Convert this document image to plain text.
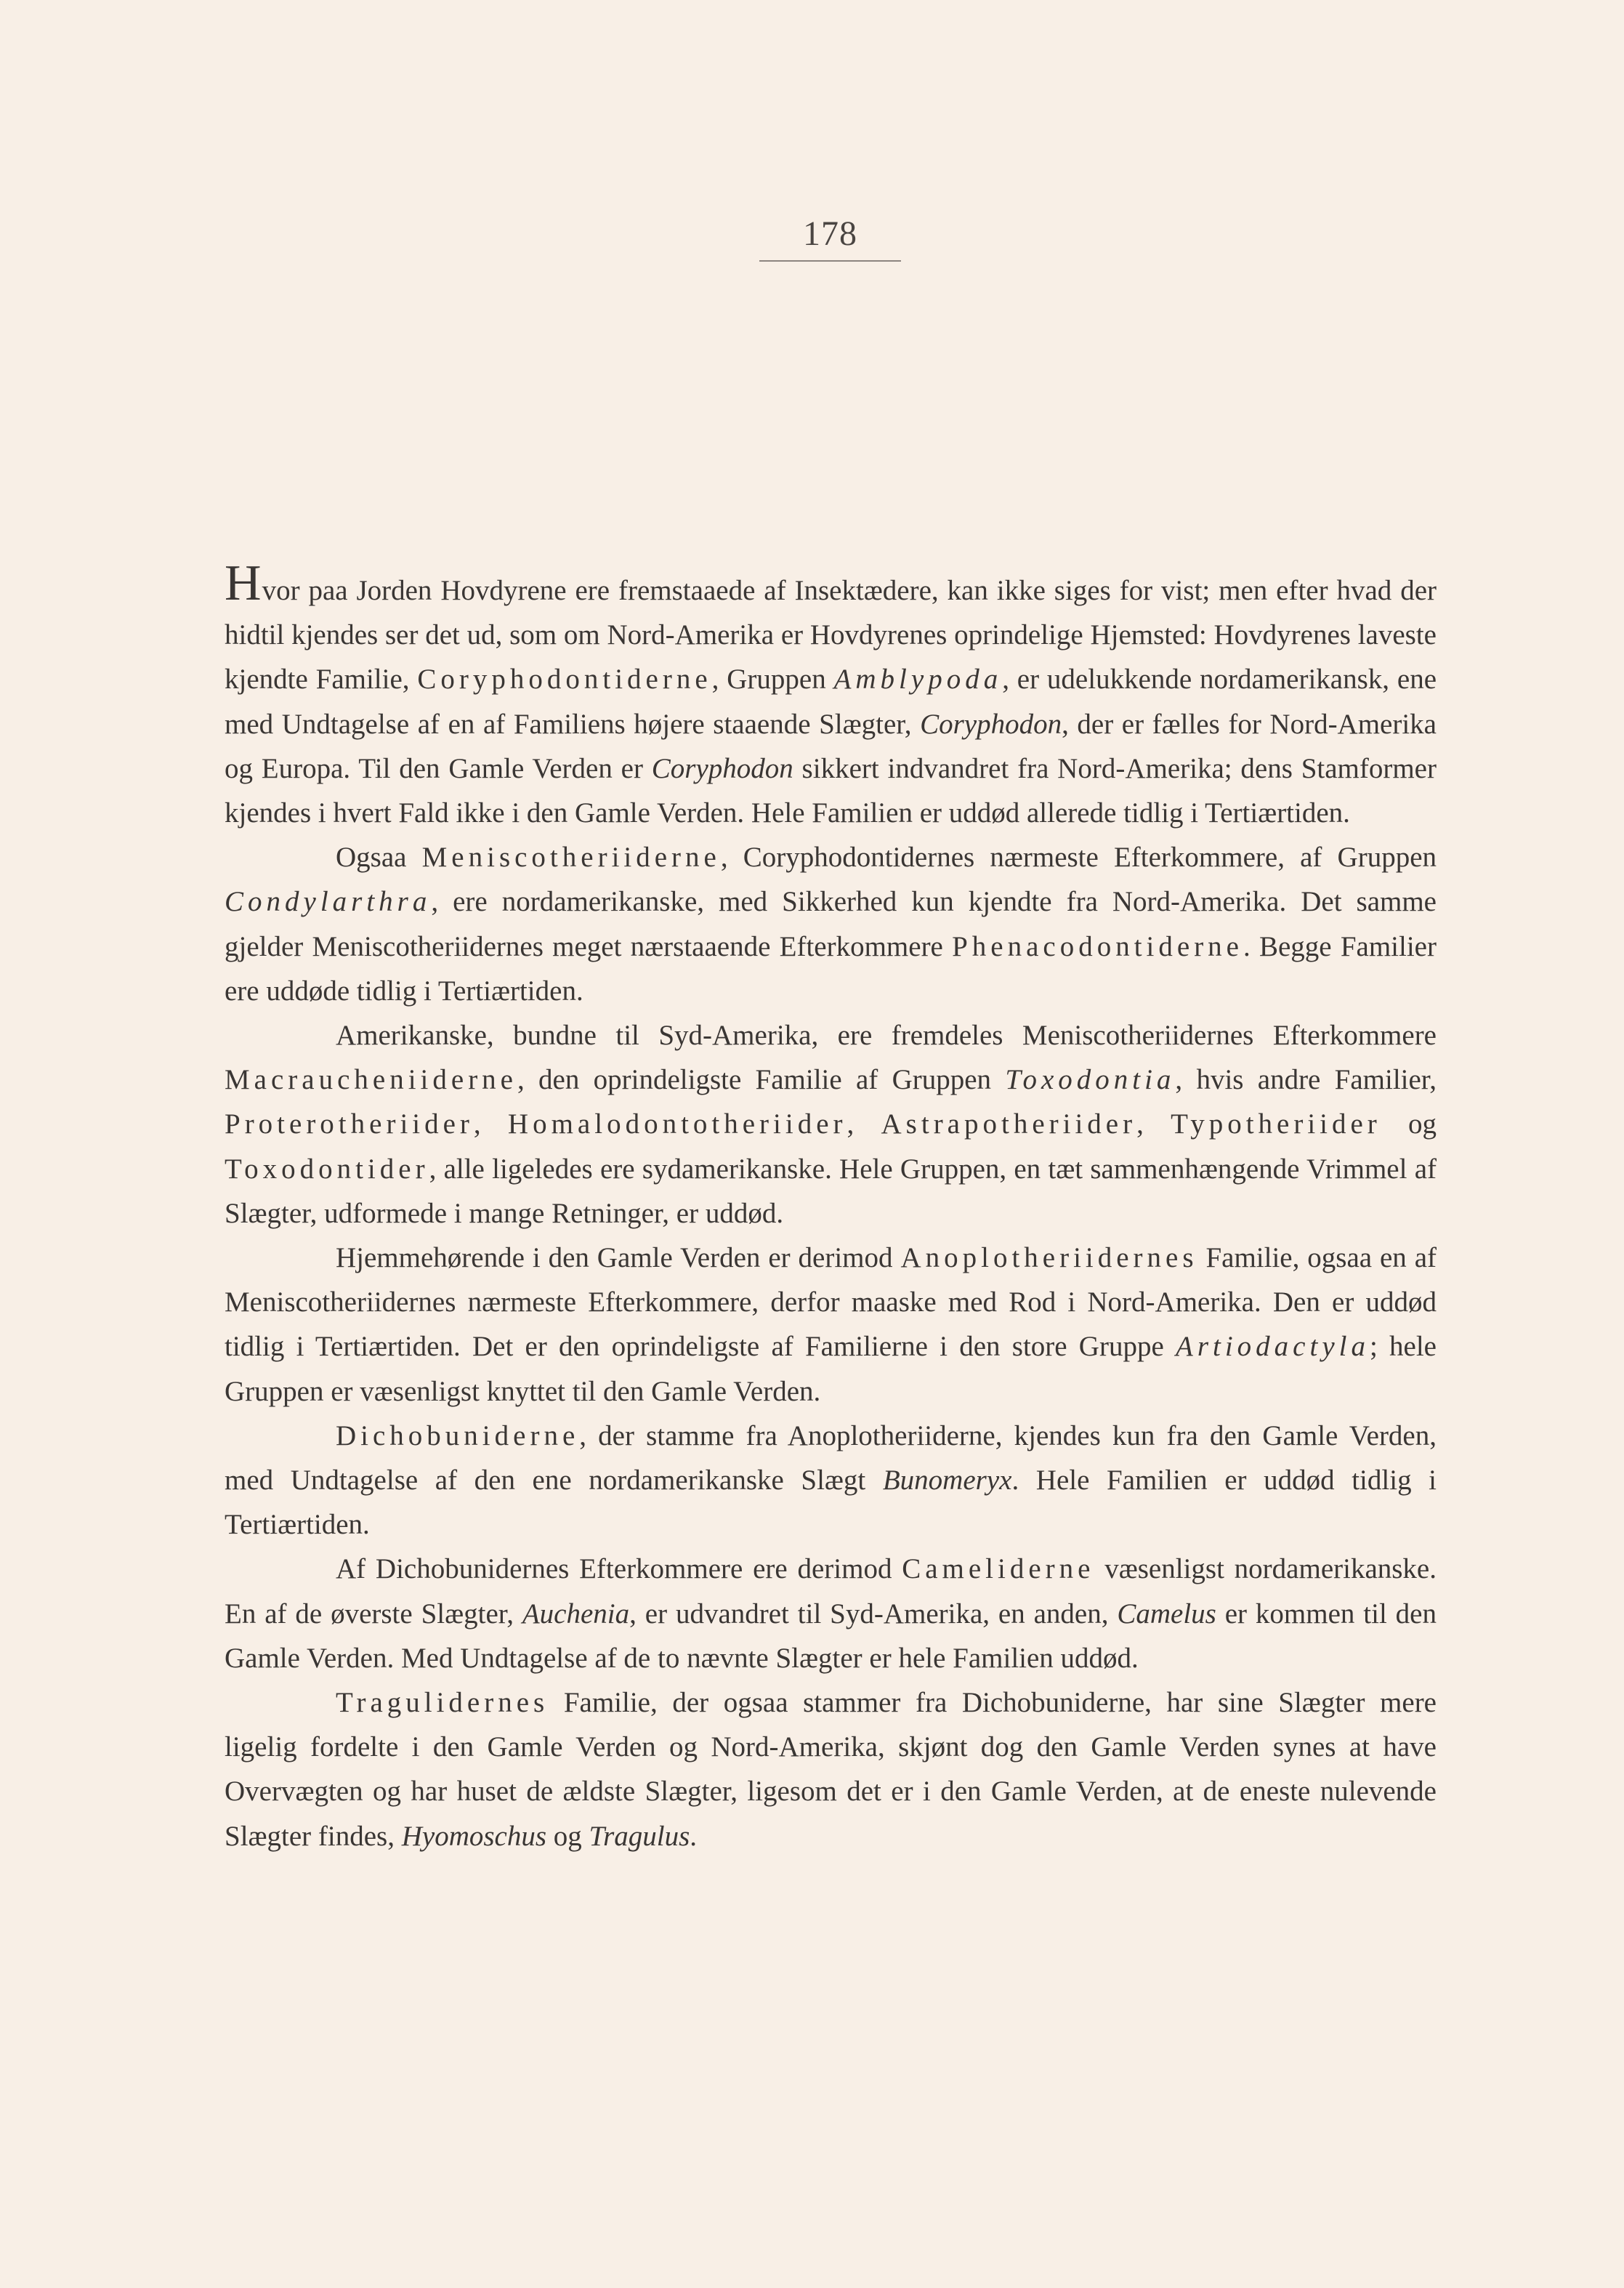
178

Hvor paa Jorden Hovdyrene ere fremstaaede af Insektædere, kan ikke siges for vist; men efter hvad der hidtil kjendes ser det ud, som om Nord-Amerika er Hovdyrenes oprindelige Hjemsted: Hovdyrenes laveste kjendte Familie, Coryphodontiderne, Gruppen Amblypoda, er udelukkende nordamerikansk, ene med Undtagelse af en af Familiens højere staaende Slægter, Coryphodon, der er fælles for Nord-Amerika og Europa. Til den Gamle Verden er Coryphodon sikkert indvandret fra Nord-Amerika; dens Stamformer kjendes i hvert Fald ikke i den Gamle Verden. Hele Familien er uddød allerede tidlig i Tertiærtiden.

Ogsaa Meniscotheriiderne, Coryphodontidernes nærmeste Efterkommere, af Gruppen Condylarthra, ere nordamerikanske, med Sikkerhed kun kjendte fra Nord-Amerika. Det samme gjelder Meniscotheriidernes meget nærstaaende Efterkommere Phenacodontiderne. Begge Familier ere uddøde tidlig i Tertiærtiden.

Amerikanske, bundne til Syd-Amerika, ere fremdeles Meniscotheriidernes Efterkommere Macraucheniiderne, den oprindeligste Familie af Gruppen Toxodontia, hvis andre Familier, Proterotheriider, Homalodontotheriider, Astrapotheriider, Typotheriider og Toxodontider, alle ligeledes ere sydamerikanske. Hele Gruppen, en tæt sammenhængende Vrimmel af Slægter, udformede i mange Retninger, er uddød.

Hjemmehørende i den Gamle Verden er derimod Anoplotheriidernes Familie, ogsaa en af Meniscotheriidernes nærmeste Efterkommere, derfor maaske med Rod i Nord-Amerika. Den er uddød tidlig i Tertiærtiden. Det er den oprindeligste af Familierne i den store Gruppe Artiodactyla; hele Gruppen er væsenligst knyttet til den Gamle Verden.

Dichobuniderne, der stamme fra Anoplotheriiderne, kjendes kun fra den Gamle Verden, med Undtagelse af den ene nordamerikanske Slægt Bunomeryx. Hele Familien er uddød tidlig i Tertiærtiden.

Af Dichobunidernes Efterkommere ere derimod Cameliderne væsenligst nordamerikanske. En af de øverste Slægter, Auchenia, er udvandret til Syd-Amerika, en anden, Camelus er kommen til den Gamle Verden. Med Undtagelse af de to nævnte Slægter er hele Familien uddød.

Tragulidernes Familie, der ogsaa stammer fra Dichobuniderne, har sine Slægter mere ligelig fordelte i den Gamle Verden og Nord-Amerika, skjønt dog den Gamle Verden synes at have Overvægten og har huset de ældste Slægter, ligesom det er i den Gamle Verden, at de eneste nulevende Slægter findes, Hyomoschus og Tragulus.
